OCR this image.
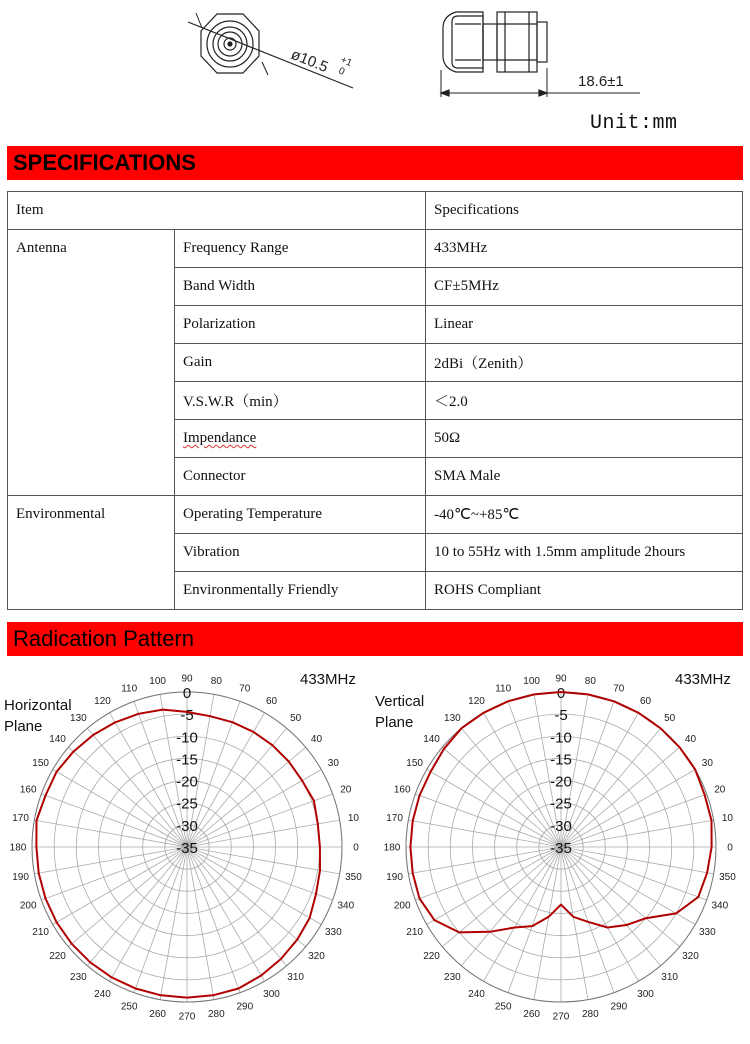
ø10.5 +1
0
18.6±1
Unit:mm
SPECIFICATIONS
Item		Specifications
Antenna	Frequency Range	433MHz
	Band Width	CF±5MHz
	Polarization	Linear
	Gain	2dBi（Zenith）
	V.S.W.R（min）	＜2.0
	Impendance	50Ω
	Connector	SMA Male
Environmental	Operating Temperature	-40℃~+85℃
	Vibration	10 to 55Hz with 1.5mm amplitude 2hours
	Environmentally Friendly	ROHS Compliant
Radication Pattern
Horizontal
Plane
433MHz
0
-5
-10
-15
-20
-25
-30
-35	0
10
20
30
40
50
60
70
80
90
100
110
120
130
140
150
160
170
180
190
200
210
220
230
240
250
260 270 280
290
300
310
320
330
340
350
Vertical
Plane
433MHz
0
-5
-10
-15
-20
-25
-30
-35	0
10
20
30
40
50
60
70
80
90
100
110
120
130
140
150
160
170
180
190
200
210
220
230
240
250
260 270 280
290
300
310
320
330
340
350
